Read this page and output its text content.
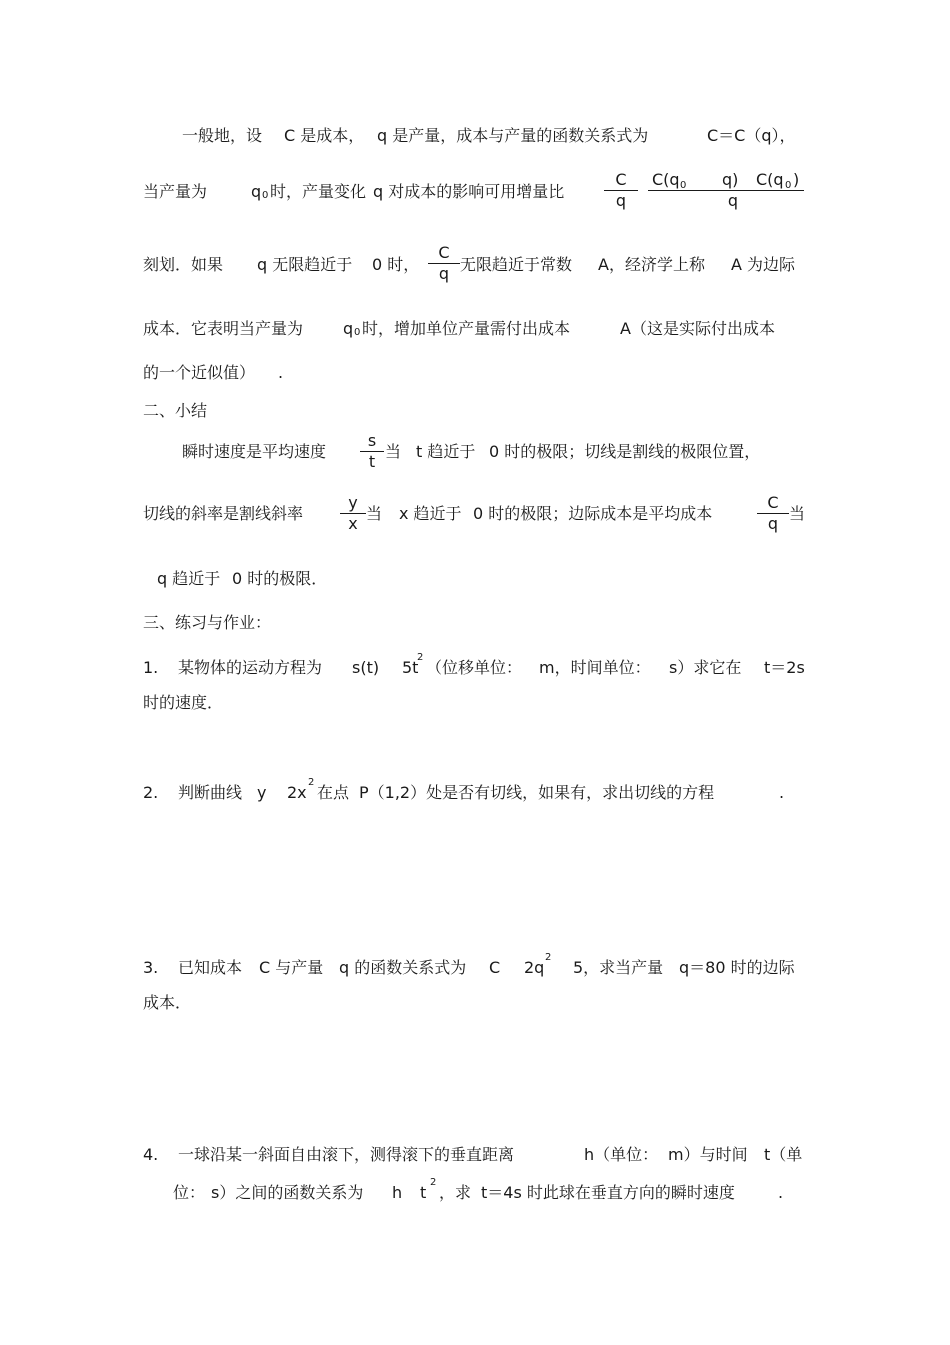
一般地，设 C 是成本， q 是产量，成本与产量的函数关系式为	C＝C（q），
当产量为	q 0 时，产量变化 q 对成本的影响可用增量比
C
q
C(q 0 q) C(q 0 )
q
刻划．如果 q 无限趋近于 0 时，
C
q 无限趋近于常数 A，经济学上称 A 为边际
成本．它表明当产量为 q 0 时，增加单位产量需付出成本	A（这是实际付出成本
的一个近似值） .
二、小结
瞬时速度是平均速度
s
t
当 t 趋近于 0 时的极限；切线是割线的极限位置，
切线的斜率是割线斜率
y
x
当 x 趋近于 0 时的极限；边际成本是平均成本
C
q
当
q 趋近于 0 时的极限．
三、练习与作业：
1. 某物体的运动方程为 s(t) 5t
2
（位移单位： m，时间单位： s）求它在 t＝2s
时的速度．
2. 判断曲线 y 2x
2
在点 P（1,2）处是否有切线，如果有，求出切线的方程	.
3. 已知成本 C 与产量 q 的函数关系式为 C 2q
2
5，求当产量 q＝80 时的边际
成本．
4. 一球沿某一斜面自由滚下，测得滚下的垂直距离	h（单位： m）与时间 t（单
位： s）之间的函数关系为 h t
2
，求 t＝4s 时此球在垂直方向的瞬时速度	.
